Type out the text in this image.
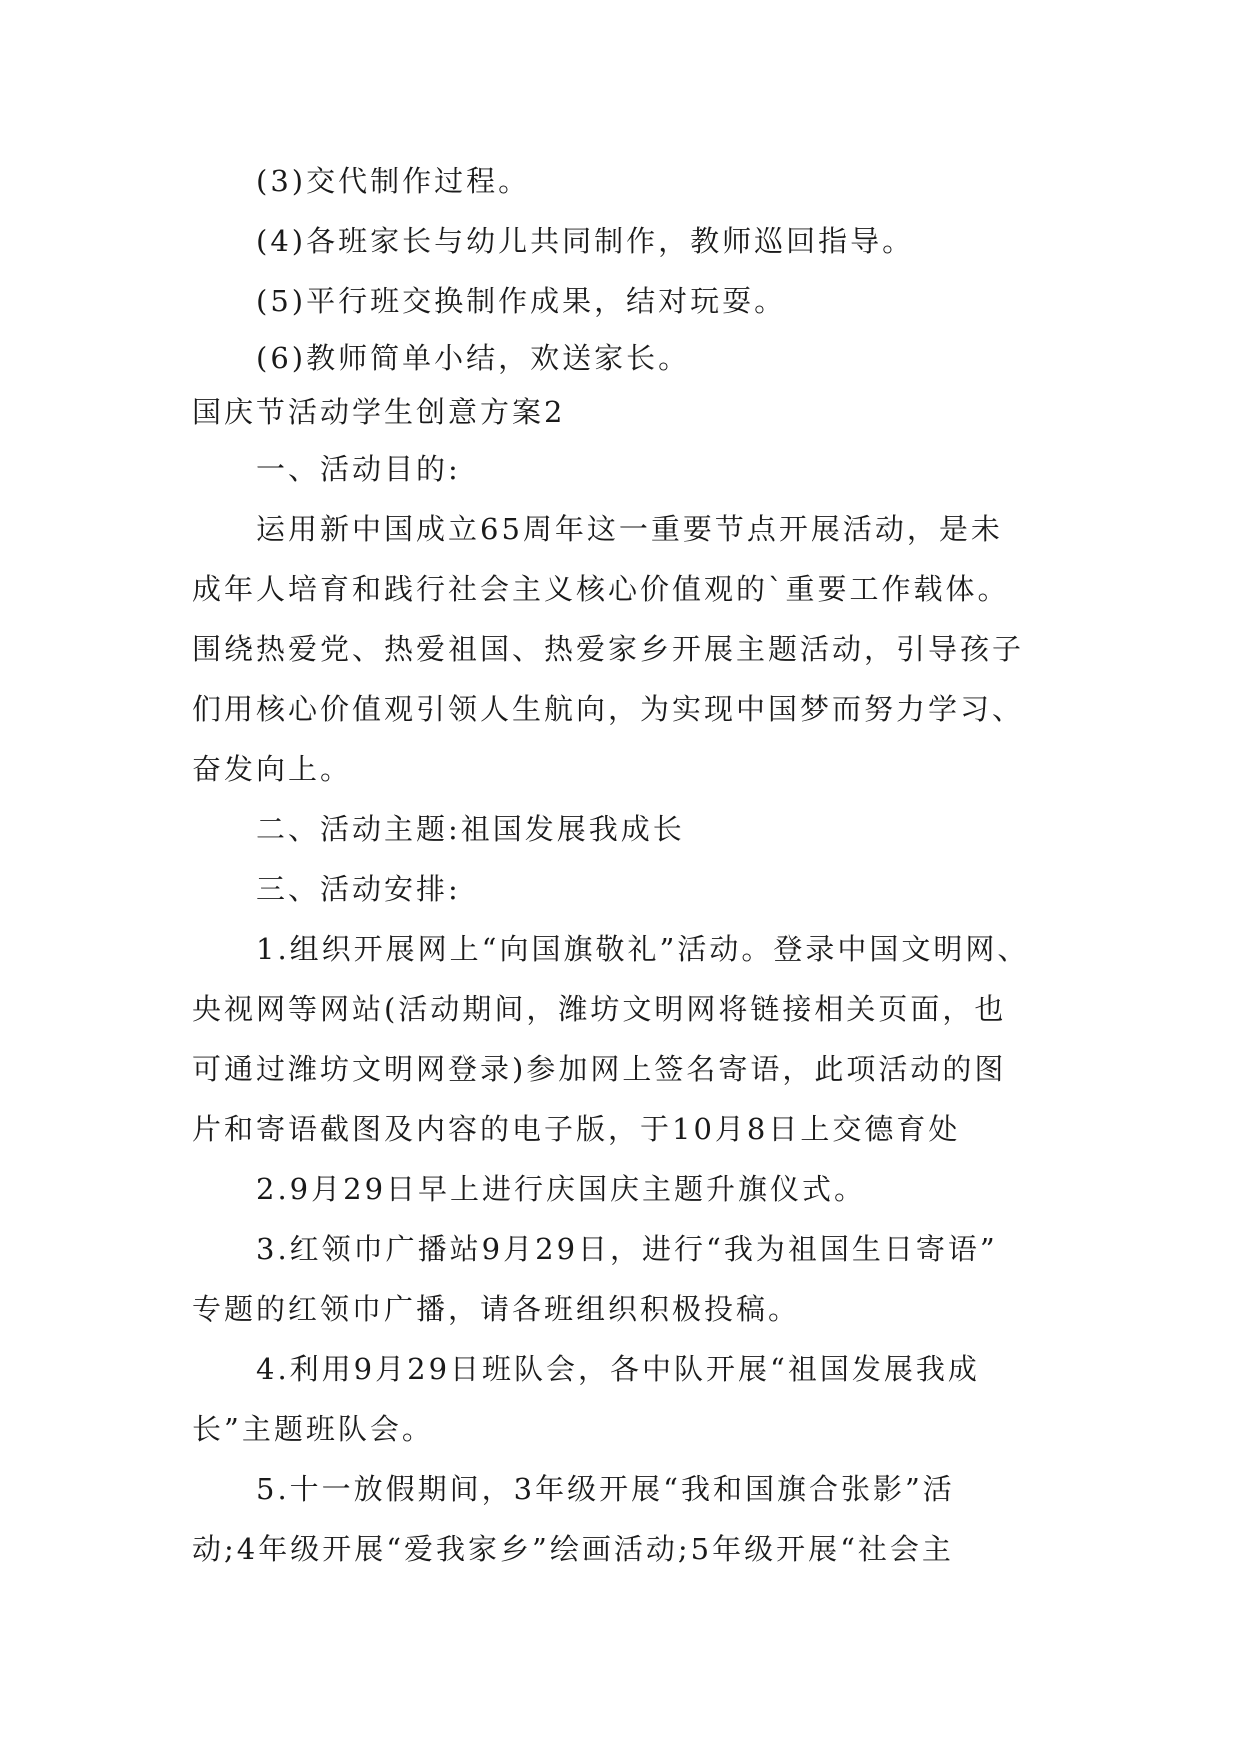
(3)交代制作过程。
(4)各班家长与幼儿共同制作，教师巡回指导。
(5)平行班交换制作成果，结对玩耍。
(6)教师简单小结，欢送家长。
国庆节活动学生创意方案2
一、活动目的:
运用新中国成立65周年这一重要节点开展活动，是未
成年人培育和践行社会主义核心价值观的`重要工作载体。
围绕热爱党、热爱祖国、热爱家乡开展主题活动，引导孩子
们用核心价值观引领人生航向，为实现中国梦而努力学习、
奋发向上。
二、活动主题:祖国发展我成长
三、活动安排:
1.组织开展网上“向国旗敬礼”活动。登录中国文明网、
央视网等网站(活动期间，潍坊文明网将链接相关页面，也
可通过潍坊文明网登录)参加网上签名寄语，此项活动的图
片和寄语截图及内容的电子版，于10月8日上交德育处
2.9月29日早上进行庆国庆主题升旗仪式。
3.红领巾广播站9月29日，进行“我为祖国生日寄语”
专题的红领巾广播，请各班组织积极投稿。
4.利用9月29日班队会，各中队开展“祖国发展我成
长”主题班队会。
5.十一放假期间，3年级开展“我和国旗合张影”活
动;4年级开展“爱我家乡”绘画活动;5年级开展“社会主
